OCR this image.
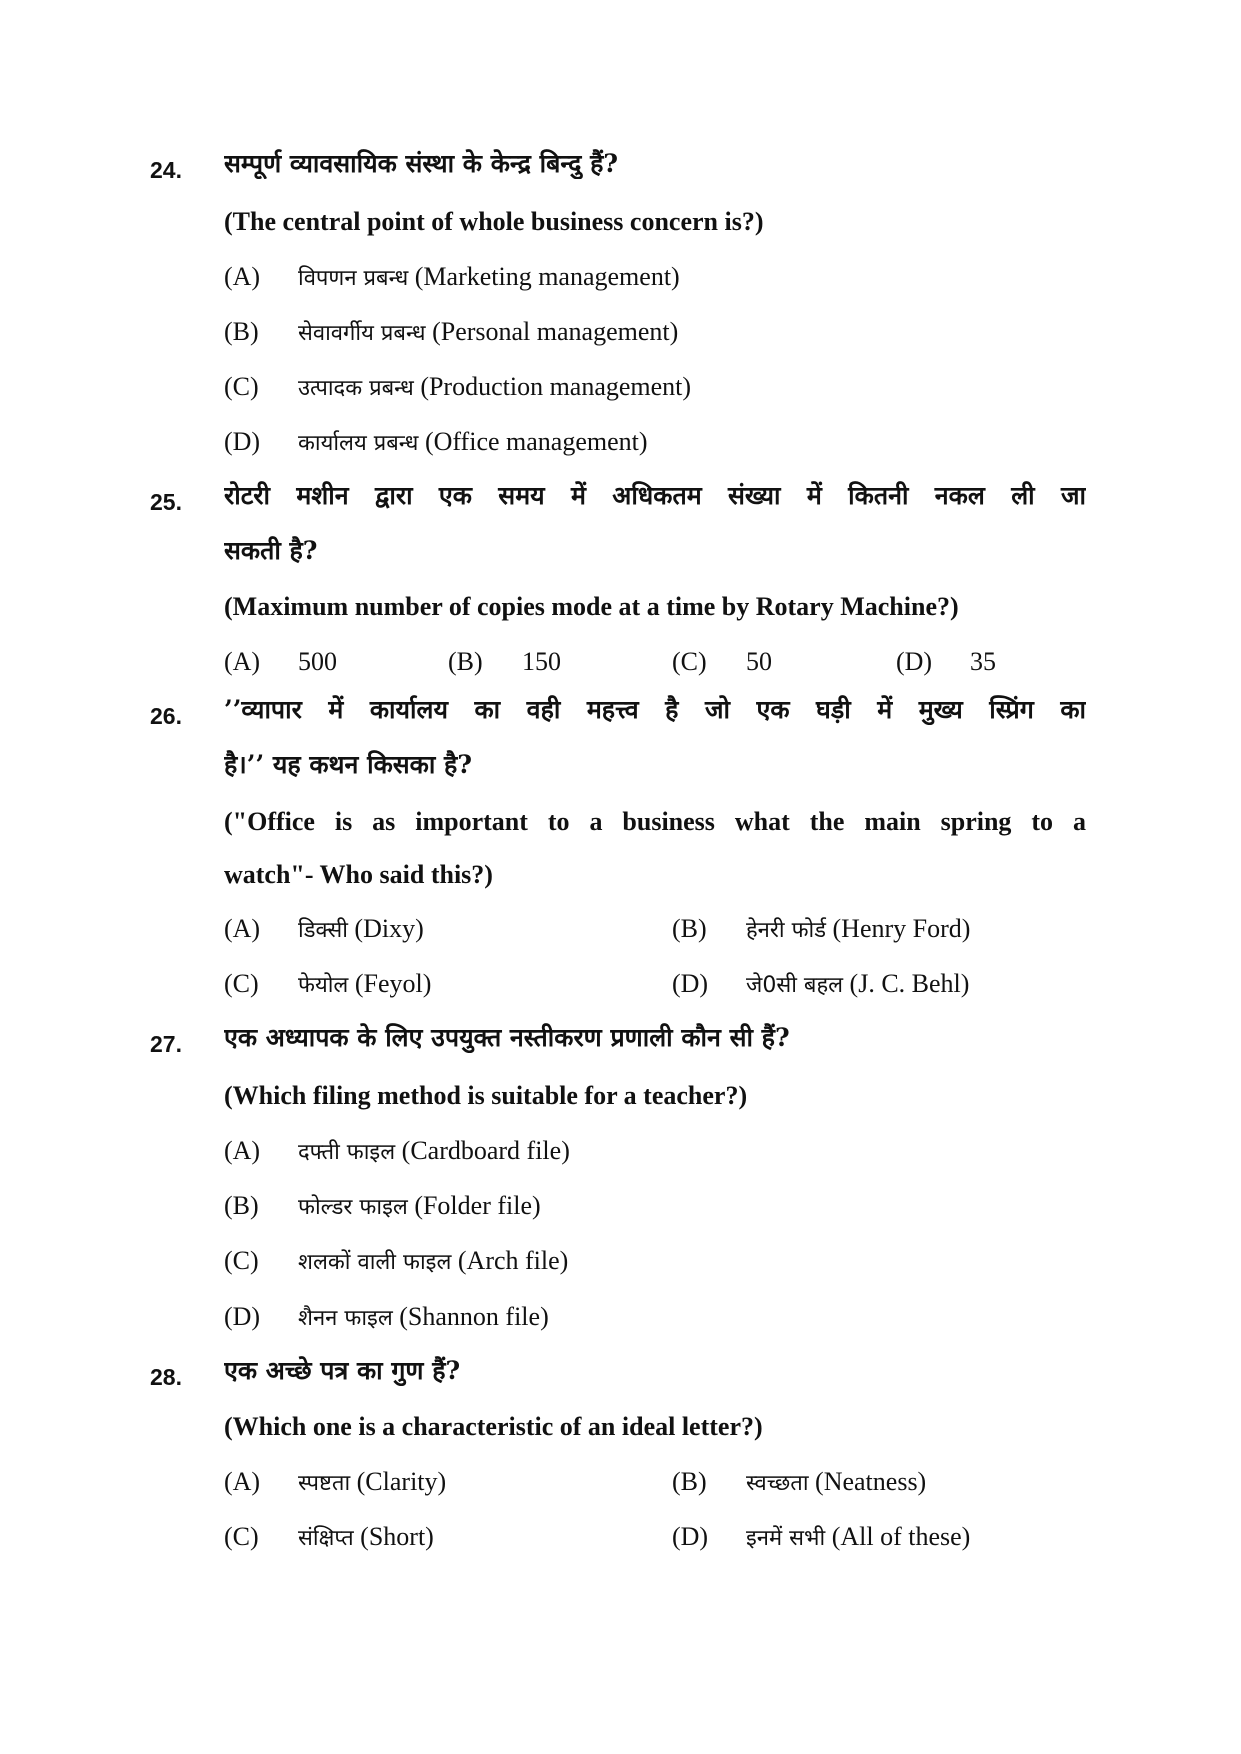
24. सम्पूर्ण व्यावसायिक संस्था के केन्द्र बिन्दु हैं?
(The central point of whole business concern is?)
(A) विपणन प्रबन्ध (Marketing management)
(B) सेवावर्गीय प्रबन्ध (Personal management)
(C) उत्पादक प्रबन्ध (Production management)
(D) कार्यालय प्रबन्ध (Office management)
25. रोटरी मशीन द्वारा एक समय में अधिकतम संख्या में कितनी नकल ली जा
सकती है?
(Maximum number of copies mode at a time by Rotary Machine?)
(A) 500	(B) 150	(C) 50	(D) 35
26. ’’व्यापार में कार्यालय का वही महत्त्व है जो एक घड़ी में मुख्य स्प्रिंग का
है।’’ यह कथन किसका है?
("Office is as important to a business what the main spring to a
watch"- Who said this?)
(A) डिक्सी (Dixy)	(B) हेनरी फोर्ड (Henry Ford)
(C) फेयोल (Feyol)	(D) जे0सी बहल (J. C. Behl)
27. एक अध्यापक के लिए उपयुक्त नस्तीकरण प्रणाली कौन सी हैं?
(Which filing method is suitable for a teacher?)
(A) दफ्ती फाइल (Cardboard file)
(B) फोल्डर फाइल (Folder file)
(C) शलकों वाली फाइल (Arch file)
(D) शैनन फाइल (Shannon file)
28. एक अच्छे पत्र का गुण हैं?
(Which one is a characteristic of an ideal letter?)
(A) स्पष्टता (Clarity)	(B) स्वच्छता (Neatness)
(C) संक्षिप्त (Short)	(D) इनमें सभी (All of these)
